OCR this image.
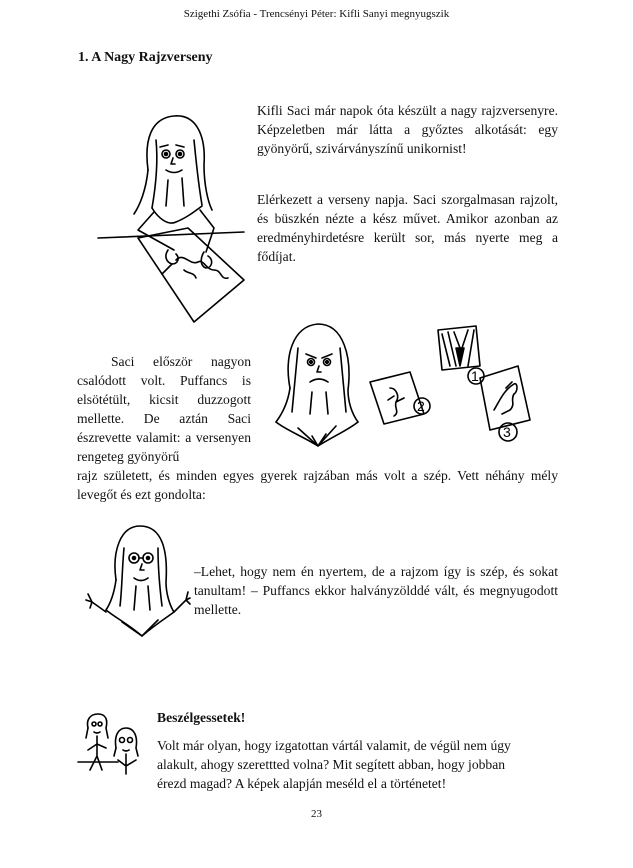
Szigethi Zsófia - Trencsényi Péter: Kifli Sanyi megnyugszik
1. A Nagy Rajzverseny
Kifli Saci már napok óta készült a nagy rajzversenyre. Képzeletben már látta a győztes alkotását: egy gyönyörű, szivárványszínű unikornist!
Elérkezett a verseny napja. Saci szorgalmasan rajzolt, és büszkén nézte a kész művet. Amikor azonban az eredményhirdetésre került sor, más nyerte meg a fődíjat.
1
2
3
Saci először nagyon csalódott volt. Puffancs is elsötétült, kicsit duzzogott mellette. De aztán Saci észrevette valamit: a versenyen rengeteg gyönyörű
rajz született, és minden egyes gyerek rajzában más volt a szép. Vett néhány mély levegőt és ezt gondolta:
–Lehet, hogy nem én nyertem, de a rajzom így is szép, és sokat tanultam! – Puffancs ekkor halványzölddé vált, és megnyugodott mellette.
Beszélgessetek!
Volt már olyan, hogy izgatottan vártál valamit, de végül nem úgy alakult, ahogy szerettted volna? Mit segített abban, hogy jobban érezd magad? A képek alapján meséld el a történetet!
23
